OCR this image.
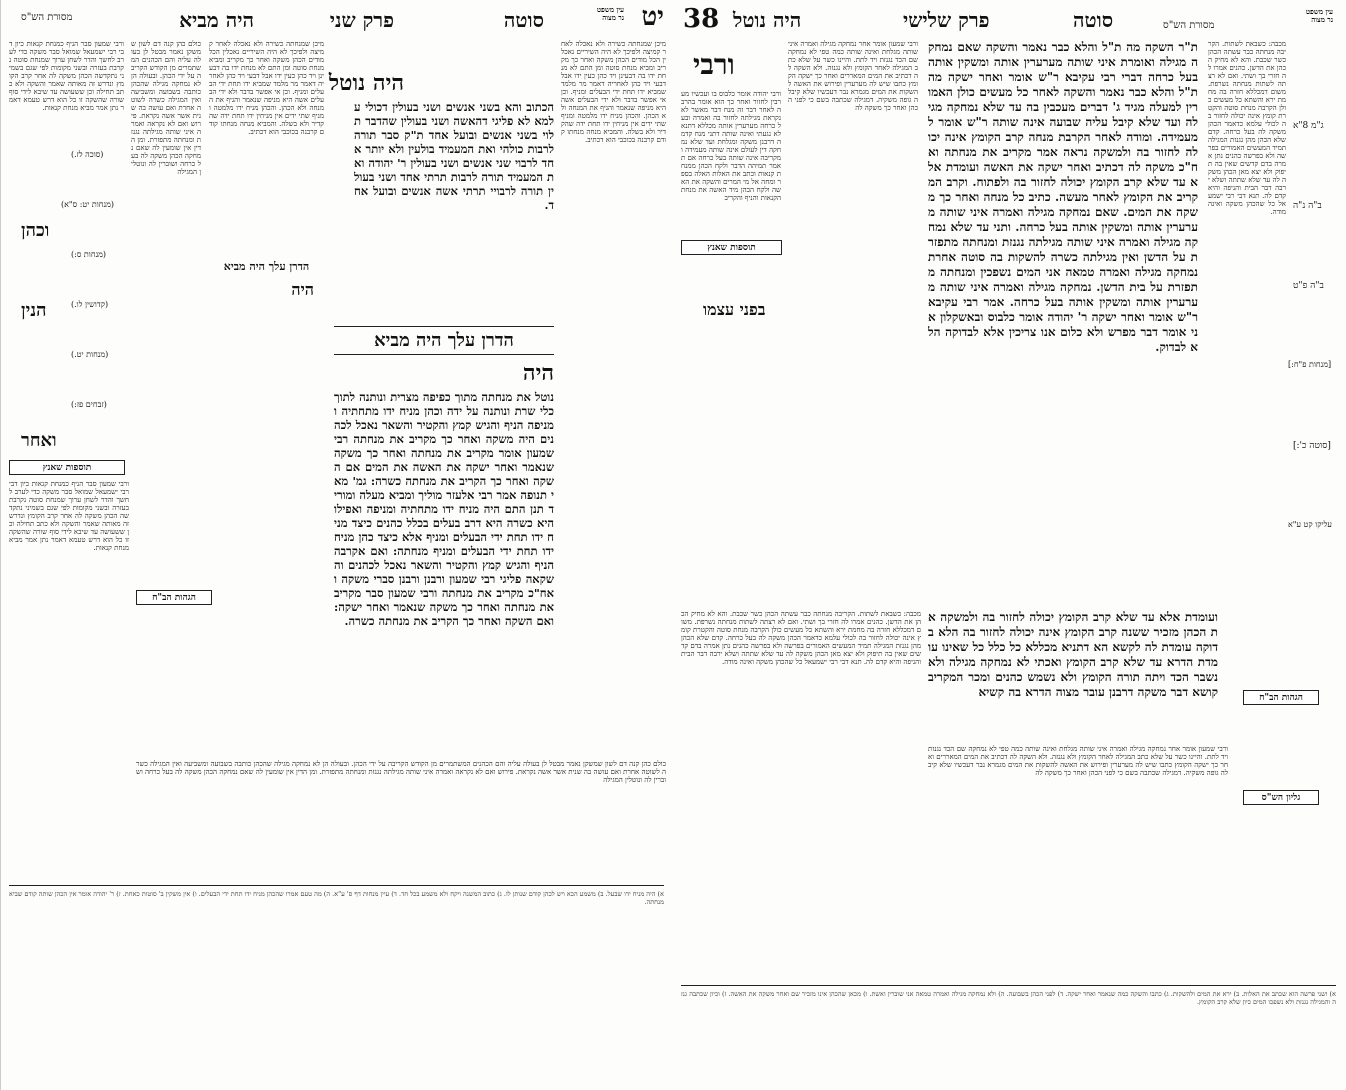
38 היה נוטל	פרק שלישי	סוטה	עין משפט
נר מצוה
מסורת הש"ס
ורבי
בפני עצמו
ורבי יהודה אומר כלבוס בו ועכשיו מערבין לחזור ואחר כך הוא אומר בהרבה לאחר דבר זה מנח דבר מאשר לא נקראת מגילתה לחזור בה ואמרה ובעל כרחה מערערין אותה מכללא דתנא לא נגעתי ואינה שותה דתני מנח קדמה דרבנן משקה ומגלחת ועד שלא נמחקה דין לעולם אינה שותה מעמידה ומקריבה אינה שותה בעל כרחה אם תאמר תמיהה הדבר ולקח הכהן ממנחת קנאות וכתב את האלות האלה בספר ומחה אל מי המרים והשקה את האשה ולקח הכהן מיד האשה את מנחת הקנאות והניף והקריב
ורבי שמעון אומר אחר נמחקה מגילה ואמרה איני שותה מגלחת ואינה שותה כמה טפי לא נמחקה שם הכד נגנזת ויד לתת. והיינו כשר על שלא כתב המגילה לאחר הקומץ ולא נגנזה. ולא השקה לה דכתיב את המים המאררים ואחר כך ישקה הקומץ כתבו שיש לה מערערין ופירוש את האשה להשקות את המים מגמרא נבר דעכשיו שלא קיבלה גופה משקיה. דמגילה שכתבה בשם כי לפני הכהן ואחר כך משקה לה
ת"ר השקה מה ת"ל והלא כבר נאמר והשקה שאם נמחקה מגילה ואומרת איני שותה מערערין אותה ומשקין אותה בעל כרחה דברי רבי עקיבא ר"ש אומר ואחר ישקה מה ת"ל והלא כבר נאמר והשקה לאחר כל מעשים כולן האמורין למעלה מגיד ג' דברים מעכבין בה עד שלא נמחקה מגילה ועד שלא קיבל עליה שבועה אינה שותה ר"ש אומר למעמידה. ומודה לאחר הקרבת מנחה קרב הקומץ אינה יכולה לחזור בה ולמשקה נראה אמר מקריב את מנחתה ואח"כ משקה לה דכתיב ואחר ישקה את האשה ועומדת אלא עד שלא קרב הקומץ יכולה לחזור בה ולפתוח. וקרב המקריב את הקומץ לאחר מעשה. כתיב כל מנחה ואחר כך משקה את המים. שאם נמחקה מגילה ואמרה איני שותה מערערין אותה ומשקין אותה בעל כרחה. ותני עד שלא נמחקה מגילה ואמרה איני שותה מגילתה נגנזת ומנחתה מתפזרת על הדשן ואין מגילתה כשרה להשקות בה סוטה אחרת נמחקה מגילה ואמרה טמאה אני המים נשפכין ומנחתה מתפזרת על בית הדשן. נמחקה מגילה ואמרה איני שותה מערערין אותה ומשקין אותה בעל כרחה. אמר רבי עקיבא ר"ש אומר ואחר ישקה ר' יהודה אומר כלבוס ובאשקלון אני אומר דבר מפרש ולא כלום אנו צריכין אלא לבדוקה הלא לבדוק.
מכבה: כשבאת לשתות. הקריבה מנחתה כבר עשתה הכהן כשר שכבת. והא לא מחיק הכהן את הדשן. כהנים אמרו לה חזרי בך ושתי. ואם לא רצתה לשתות מנחתה נשרפת. משום דמכללא חזרה בה מחמת ירא והשתא כל מעשים כולן הקרבה מנחת סוטה והקטרת קומץ אינה יכולה לחזור בה לכולי עלמא כדאמר הכהן משקה לה בעל כרחה. קדם שלא הכהן מהן נגנזת המגילה תמיד המעשים האמורים בפרשה ולא בפרשה כהנים נתן אמרה בדם קדשים שאין בה תיפוק ולא יצא מאן הכהן משקה לה עד שלא שתתה ושלא ירבה דבר הבית והניפה והיא קדם לה. תנא דבי רבי ישמעאל כל שהכהן משקה ואינה מודה.
ג"מ 8"א
ב"ה נ"ה
ב"ה פ"ט
[מנחות פ"ח:]
[סוטה כ':]
עליקו קט ע"א
תוספות שאנץ
ועומדת אלא עד שלא קרב הקומץ יכולה לחזור בה ולמשקה את הכהן מזכיר ששנה קרב הקומץ אינה יכולה לחזור בה הלא בדוקה עומדת לה לקשא הא דתניא מכללא כל כלל כל שאינו עומדת הדרא עד שלא קרב הקומץ ואכתי לא נמחקה מגילה ולא נשבר הכד ויתה תורה הקומץ ולא נשמש כהנים ומכר המקריב קושא דבר משקה דרבנן עובר מצוה הדרא בה קשיא	הגהות הב"ח
גליון הש"ס
מכבה: כשבאת לשתות. הקריבה מנחתה כבר עשתה הכהן כשר שכבת. והא לא מחיק הכהן את הדשן. כהנים אמרו לה חזרי בך ושתי. ואם לא רצתה לשתות מנחתה נשרפת. משום דמכללא חזרה בה מחמת ירא והשתא כל מעשים כולן הקרבה מנחת סוטה והקטרת קומץ אינה יכולה לחזור בה לכולי עלמא כדאמר הכהן משקה לה בעל כרחה. קדם שלא הכהן מהן נגנזת המגילה תמיד המעשים האמורים בפרשה ולא בפרשה כהנים נתן אמרה בדם קדשים שאין בה תיפוק ולא יצא מאן הכהן משקה לה עד שלא שתתה ושלא ירבה דבר הבית והניפה והיא קדם לה. תנא דבי רבי ישמעאל כל שהכהן משקה ואינה מודה.
ורבי שמעון אומר אחר נמחקה מגילה ואמרה איני שותה מגלחת ואינה שותה כמה טפי לא נמחקה שם הכד נגנזת ויד לתת. והיינו כשר על שלא כתב המגילה לאחר הקומץ ולא נגנזה. ולא השקה לה דכתיב את המים המאררים ואחר כך ישקה הקומץ כתבו שיש לה מערערין ופירוש את האשה להשקות את המים מגמרא נבר דעכשיו שלא קיבלה גופה משקיה. דמגילה שכתבה בשם כי לפני הכהן ואחר כך משקה לה
א) ושני פרשה הוא שכתב את האלות. ב) ירא את המים ולהשקות. ג) כתבו והשקה כמה שנאמר ואחר ישקה. ד) לפני הכהן בשבועה. ה) ולא נמחקה מגילה ואמרה טמאה אני שוברין ואשת. ו) מכאן שהכהן אינו מזכיר שם ואחר משקה את האשה. ז) וכיון שכתבה גנזה והמגילה נגנזת ולא נשפכו המים כיון שלא קרב הקומץ.
יט
עין משפט
נר מצוה
סוטה
פרק שני
היה מביא
מסורת הש"ס
היה נוטל
הכתוב והא בשני אנשים ושני בעולין דכולי עלמא לא פליגי דהאשה ושני בעולין שהדבר תלוי בשני אנשים ובועל אחד ת"ק סבר תורה לרבות כולהי ואת המעמיד בולעין ולא יותר אחד לרבוי שני אנשים ושני בעולין ר' יהודה ואת המעמיד תורה לרבות תרתי אחד ושני בעולין תורה לרבויי תרתי אשה אנשים ובועל אחד.
הדרן עלך היה מביא
היה
נוטל את מנחתה מתוך כפיפה מצרית ונותנה לתוך כלי שרת ונותנה על ידה וכהן מניח ידו מתחתיה ומניפה הניף והגיש קמץ והקטיר והשאר נאכל לכהנים היה משקה ואחר כך מקריב את מנחתה רבי שמעון אומר מקריב את מנחתה ואחר כך משקה שנאמר ואחר ישקה את האשה את המים אם השקה ואחר כך הקריב את מנחתה כשרה: גמ' מאי תנופה אמר רבי אלעזר מוליך ומביא מעלה ומוריד תנן התם היה מניח ידו מתחתיה ומניפה ואפילו היא כשרה היא דרב בעלים בכלל כהנים כיצד מניח ידו תחת ידי הבעלים ומניף אלא כיצד כהן מניח ידו תחת ידי הבעלים ומניף מנחתה: ואם אקרבה הניף והגיש קמץ והקטיר והשאר נאכל לכהנים והשקאה פליגי רבי שמעון ורבנן ורבנן סברי משקה ואח"כ מקריב את מנחתה ורבי שמעון סבר מקריב את מנחתה ואחר כך משקה שנאמר ואחר ישקה: ואם השקה ואחר כך הקריב את מנחתה כשרה.
מיכן שמנחתה כשירה ולא נאכלה לאחר קמיצה ולפיכך לא היה השיריים נאכלין הכל מודים הכהן משקה ואחר כך מקריב ומביא מנחת סוטה ומן התם לא מנחת ידו בה דבעינן ויד כהן כעין ידו אבל דבעי ויד כהן לאחריה דאמר מר מלמד שמביא ידו תחת ידי הבעלים ומניף. וכן אי אפשר בדבר ולא ידי הבעלים אשה היא מניפה שנאמר והניף את המנחה ולא הכהן. והכהן מניח ידו מלמטה ומניף שתי ידים אין מניחין ידו תחת ידה שהקדיר ולא בשלה. והמביא מנחה מנחתו קודם קרבנה בכוכבי הוא דכתיב.
מיכן שמנחתה כשירה ולא נאכלה לאחר קמיצה ולפיכך לא היה השיריים נאכלין הכל מודים הכהן משקה ואחר כך מקריב ומביא מנחת סוטה ומן התם לא מנחת ידו בה דבעינן ויד כהן כעין ידו אבל דבעי ויד כהן לאחריה דאמר מר מלמד שמביא ידו תחת ידי הבעלים ומניף. וכן אי אפשר בדבר ולא ידי הבעלים אשה היא מניפה שנאמר והניף את המנחה ולא הכהן. והכהן מניח ידו מלמטה ומניף שתי ידים אין מניחין ידו תחת ידה שהקדיר ולא בשלה. והמביא מנחה מנחתו קודם קרבנה בכוכבי הוא דכתיב.
הדרן עלך היה מביא
היה
כולם כהן קנה דם לשון שמשקן נאמר מבטל לן בעולה עליה והם הכהנים המשתמרים מן הקודש הקריבה על ידי הכהן. ובעולה הן לא נמחקה מגילה שהכהן כותבה בשבועה ומשביעה ואין המגילה כשרה לשוטה אחרת ואם עושה בה שנית אשר אשה נקראת. פירוש ואם לא נקראה ואמרה איני שותה מגילתה נגנזת ומנחתה מתפזרת. ומן הדין אין שומעין לה שאם נמחקה הכהן משקה לה בעל כרחה ושוברין לה ונוטלין המגילה
(סוכה לז.)
(מנחות יט: ס"א)
(מנחות ס:)
(קדושין לו.)
(מנחות יט.)
(זבחים פז:)
וכהן
הנין
ואחר
ורבי שמעון סבר הניף כמנחת קנאות כיון דבי רבי ישמעאל שמואל סבר משקה כדי לערב לחשך והדר לשחן ערוך שמנחת סוטה נקרבת בעזרה ובשני מקומות לפי שגם בשמיני נתקדשה הכהן משקה לה אחר קרב הקומץ ונדרש זה מאותה שאמר והשקה ולא כתב תחילה וכן ששעושה עד שיבא לידי סוף שורה שהשקה זו כל הוא דרש טעמא דאמר נתן אמר מביא מנחת קנאות.
תוספות שאנץ
ורבי שמעון סבר הניף כמנחת קנאות כיון דבי רבי ישמעאל שמואל סבר משקה כדי לערב לחשך והדר לשחן ערוך שמנחת סוטה נקרבת בעזרה ובשני מקומות לפי שגם בשמיני נתקדשה הכהן משקה לה אחר קרב הקומץ ונדרש זה מאותה שאמר והשקה ולא כתב תחילה וכן ששעושה עד שיבא לידי סוף שורה שהשקה זו כל הוא דרש טעמא דאמר נתן אמר מביא מנחת קנאות.
הגהות הב"ח
כולם כהן קנה דם לשון שמשקן נאמר מבטל לן בעולה עליה והם הכהנים המשתמרים מן הקודש הקריבה על ידי הכהן. ובעולה הן לא נמחקה מגילה שהכהן כותבה בשבועה ומשביעה ואין המגילה כשרה לשוטה אחרת ואם עושה בה שנית אשר אשה נקראת. פירוש ואם לא נקראה ואמרה איני שותה מגילתה נגנזת ומנחתה מתפזרת. ומן הדין אין שומעין לה שאם נמחקה הכהן משקה לה בעל כרחה ושוברין לה ונוטלין המגילה
א) היה מניח ידו שבעל. ב) משמע הכא ויש לכהן קודם שנותן לו. ג) כתוב המשנה ויקח ולא משמע בכל חד. ד) עיין מנחות דף ס' ע"א. ה) מה טעם אמרו שהכהן מניח ידו תחת ידי הבעלים. ו) אין משקין ב' סוטות כאחת. ז) ר' יהודה אומר אין הכהן שותה קודם שביא מנחתה.
